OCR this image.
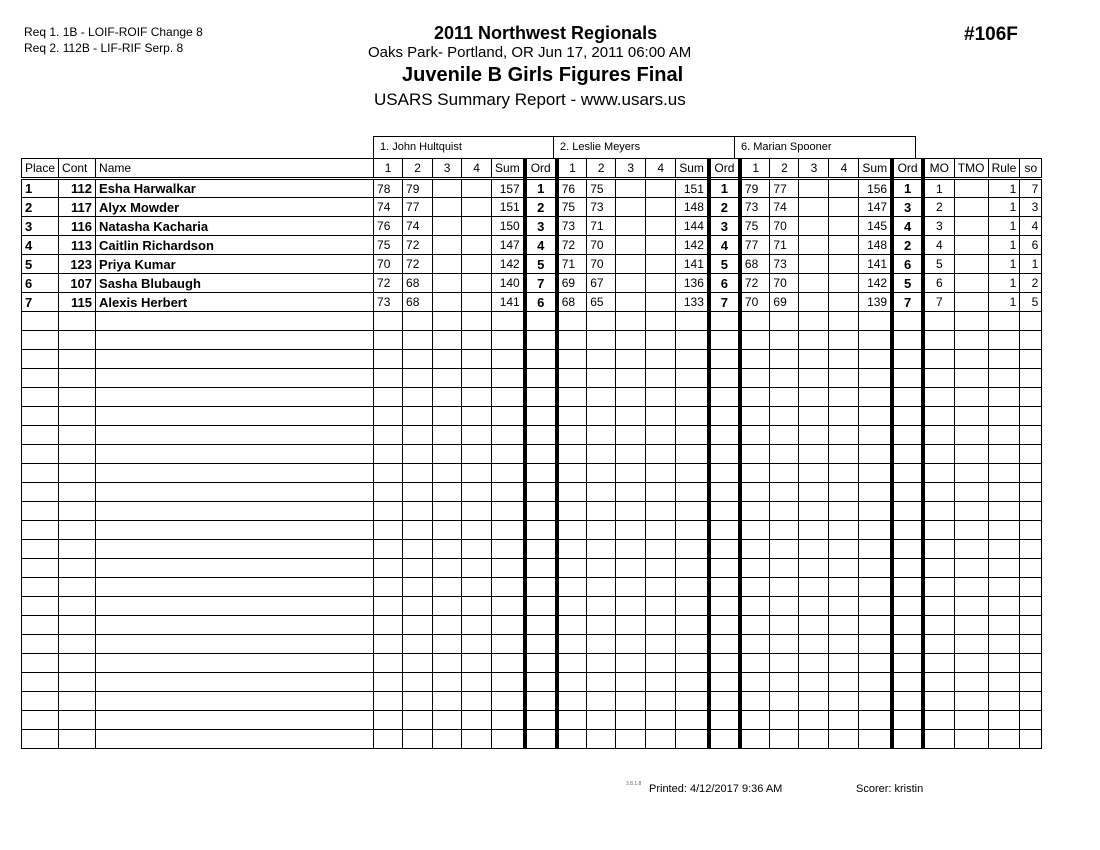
Req 1. 1B - LOIF-ROIF Change 8
Req 2. 112B - LIF-RIF Serp. 8
2011 Northwest Regionals
Oaks Park- Portland, OR Jun 17, 2011 06:00 AM
Juvenile B Girls Figures Final
USARS Summary Report - www.usars.us
#106F
1. John Hultquist	2. Leslie Meyers	6. Marian Spooner
Place	Cont	Name	1	2	3	4	Sum	Ord	1	2	3	4	Sum	Ord	1	2	3	4	Sum	Ord	MO	TMO	Rule	so
1	112	Esha Harwalkar	78	79			157	1	76	75			151	1	79	77			156	1	1		1	7
2	117	Alyx Mowder	74	77			151	2	75	73			148	2	73	74			147	3	2		1	3
3	116	Natasha Kacharia	76	74			150	3	73	71			144	3	75	70			145	4	3		1	4
4	113	Caitlin Richardson	75	72			147	4	72	70			142	4	77	71			148	2	4		1	6
5	123	Priya Kumar	70	72			142	5	71	70			141	5	68	73			141	6	5		1	1
6	107	Sasha Blubaugh	72	68			140	7	69	67			136	6	72	70			142	5	6		1	2
7	115	Alexis Herbert	73	68			141	6	68	65			133	7	70	69			139	7	7		1	5

3.8.1.8 Printed: 4/12/2017 9:36 AM	Scorer: kristin
